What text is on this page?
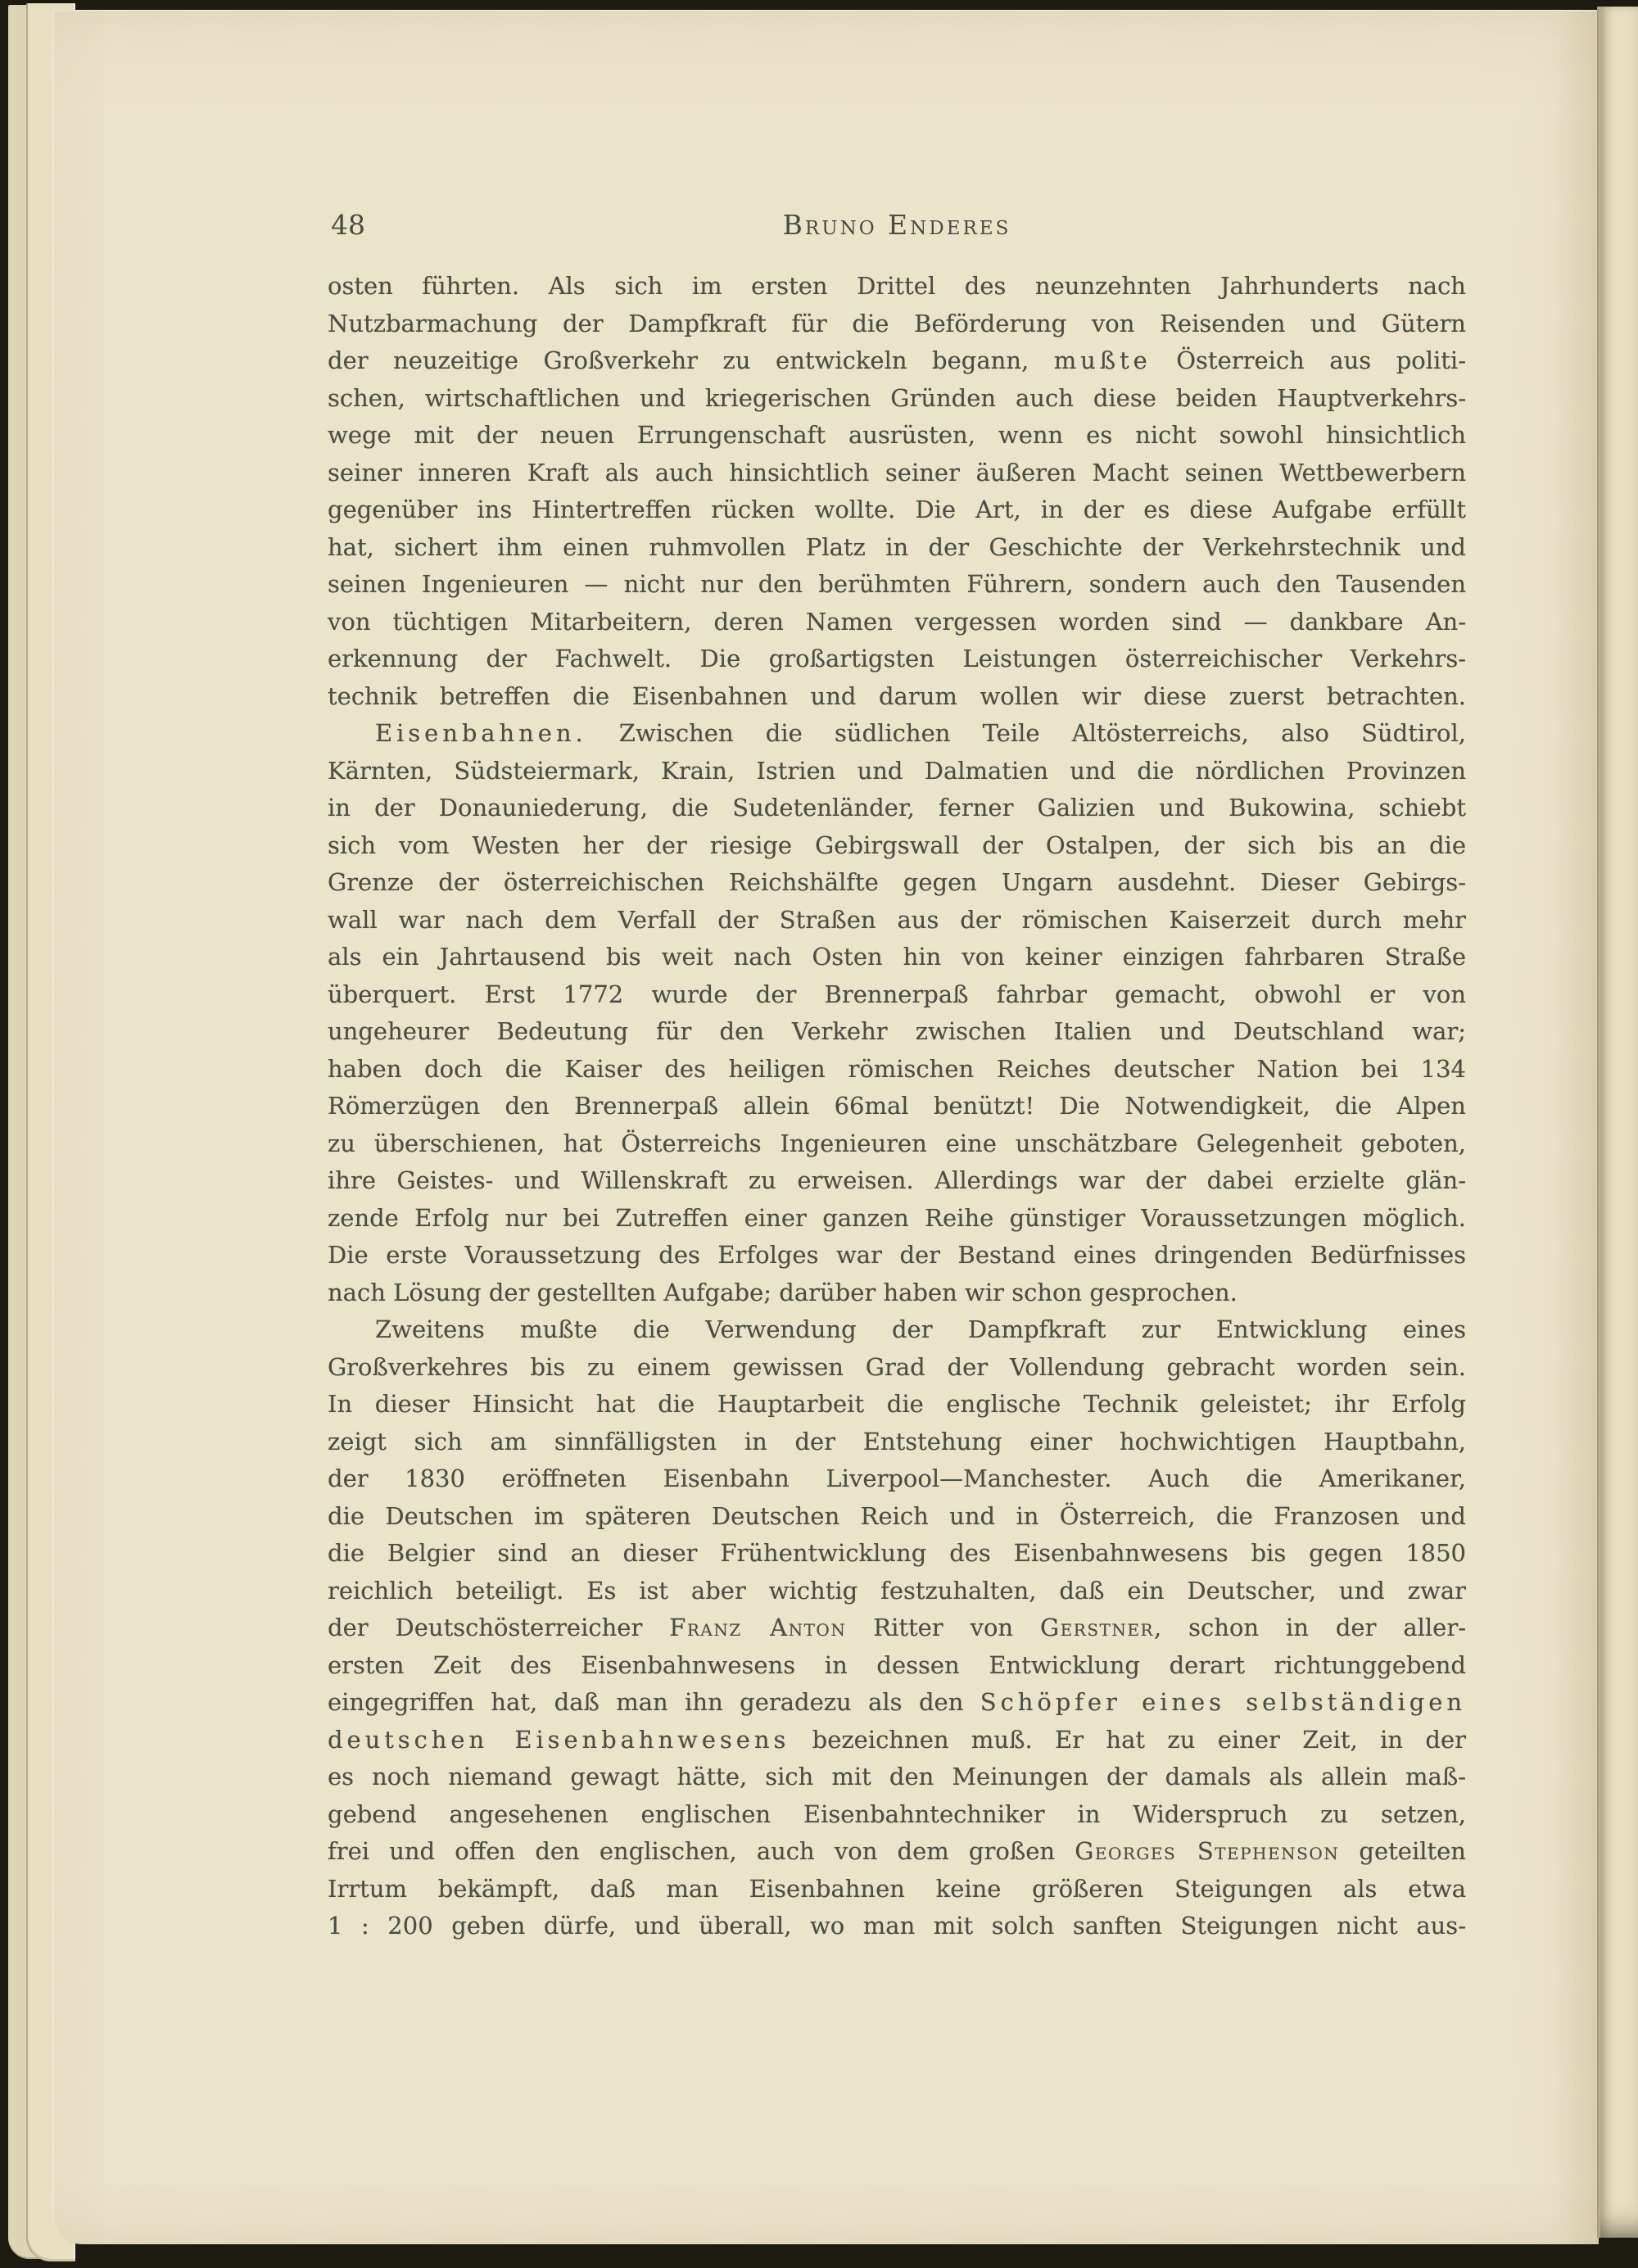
48	Bruno Enderes
osten führten. Als sich im ersten Drittel des neunzehnten Jahrhunderts nach
Nutzbarmachung der Dampfkraft für die Beförderung von Reisenden und Gütern
der neuzeitige Großverkehr zu entwickeln begann, mußte Österreich aus politi-
schen, wirtschaftlichen und kriegerischen Gründen auch diese beiden Hauptverkehrs-
wege mit der neuen Errungenschaft ausrüsten, wenn es nicht sowohl hinsichtlich
seiner inneren Kraft als auch hinsichtlich seiner äußeren Macht seinen Wettbewerbern
gegenüber ins Hintertreffen rücken wollte. Die Art, in der es diese Aufgabe erfüllt
hat, sichert ihm einen ruhmvollen Platz in der Geschichte der Verkehrstechnik und
seinen Ingenieuren — nicht nur den berühmten Führern, sondern auch den Tausenden
von tüchtigen Mitarbeitern, deren Namen vergessen worden sind — dankbare An-
erkennung der Fachwelt. Die großartigsten Leistungen österreichischer Verkehrs-
technik betreffen die Eisenbahnen und darum wollen wir diese zuerst betrachten.
Eisenbahnen. Zwischen die südlichen Teile Altösterreichs, also Südtirol,
Kärnten, Südsteiermark, Krain, Istrien und Dalmatien und die nördlichen Provinzen
in der Donauniederung, die Sudetenländer, ferner Galizien und Bukowina, schiebt
sich vom Westen her der riesige Gebirgswall der Ostalpen, der sich bis an die
Grenze der österreichischen Reichshälfte gegen Ungarn ausdehnt. Dieser Gebirgs-
wall war nach dem Verfall der Straßen aus der römischen Kaiserzeit durch mehr
als ein Jahrtausend bis weit nach Osten hin von keiner einzigen fahrbaren Straße
überquert. Erst 1772 wurde der Brennerpaß fahrbar gemacht, obwohl er von
ungeheurer Bedeutung für den Verkehr zwischen Italien und Deutschland war;
haben doch die Kaiser des heiligen römischen Reiches deutscher Nation bei 134
Römerzügen den Brennerpaß allein 66mal benützt! Die Notwendigkeit, die Alpen
zu überschienen, hat Österreichs Ingenieuren eine unschätzbare Gelegenheit geboten,
ihre Geistes- und Willenskraft zu erweisen. Allerdings war der dabei erzielte glän-
zende Erfolg nur bei Zutreffen einer ganzen Reihe günstiger Voraussetzungen möglich.
Die erste Voraussetzung des Erfolges war der Bestand eines dringenden Bedürfnisses
nach Lösung der gestellten Aufgabe; darüber haben wir schon gesprochen.
Zweitens mußte die Verwendung der Dampfkraft zur Entwicklung eines
Großverkehres bis zu einem gewissen Grad der Vollendung gebracht worden sein.
In dieser Hinsicht hat die Hauptarbeit die englische Technik geleistet; ihr Erfolg
zeigt sich am sinnfälligsten in der Entstehung einer hochwichtigen Hauptbahn,
der 1830 eröffneten Eisenbahn Liverpool—Manchester. Auch die Amerikaner,
die Deutschen im späteren Deutschen Reich und in Österreich, die Franzosen und
die Belgier sind an dieser Frühentwicklung des Eisenbahnwesens bis gegen 1850
reichlich beteiligt. Es ist aber wichtig festzuhalten, daß ein Deutscher, und zwar
der Deutschösterreicher Franz Anton Ritter von Gerstner, schon in der aller-
ersten Zeit des Eisenbahnwesens in dessen Entwicklung derart richtunggebend
eingegriffen hat, daß man ihn geradezu als den Schöpfer eines selbständigen
deutschen Eisenbahnwesens bezeichnen muß. Er hat zu einer Zeit, in der
es noch niemand gewagt hätte, sich mit den Meinungen der damals als allein maß-
gebend angesehenen englischen Eisenbahntechniker in Widerspruch zu setzen,
frei und offen den englischen, auch von dem großen Georges Stephenson geteilten
Irrtum bekämpft, daß man Eisenbahnen keine größeren Steigungen als etwa
1 : 200 geben dürfe, und überall, wo man mit solch sanften Steigungen nicht aus-
